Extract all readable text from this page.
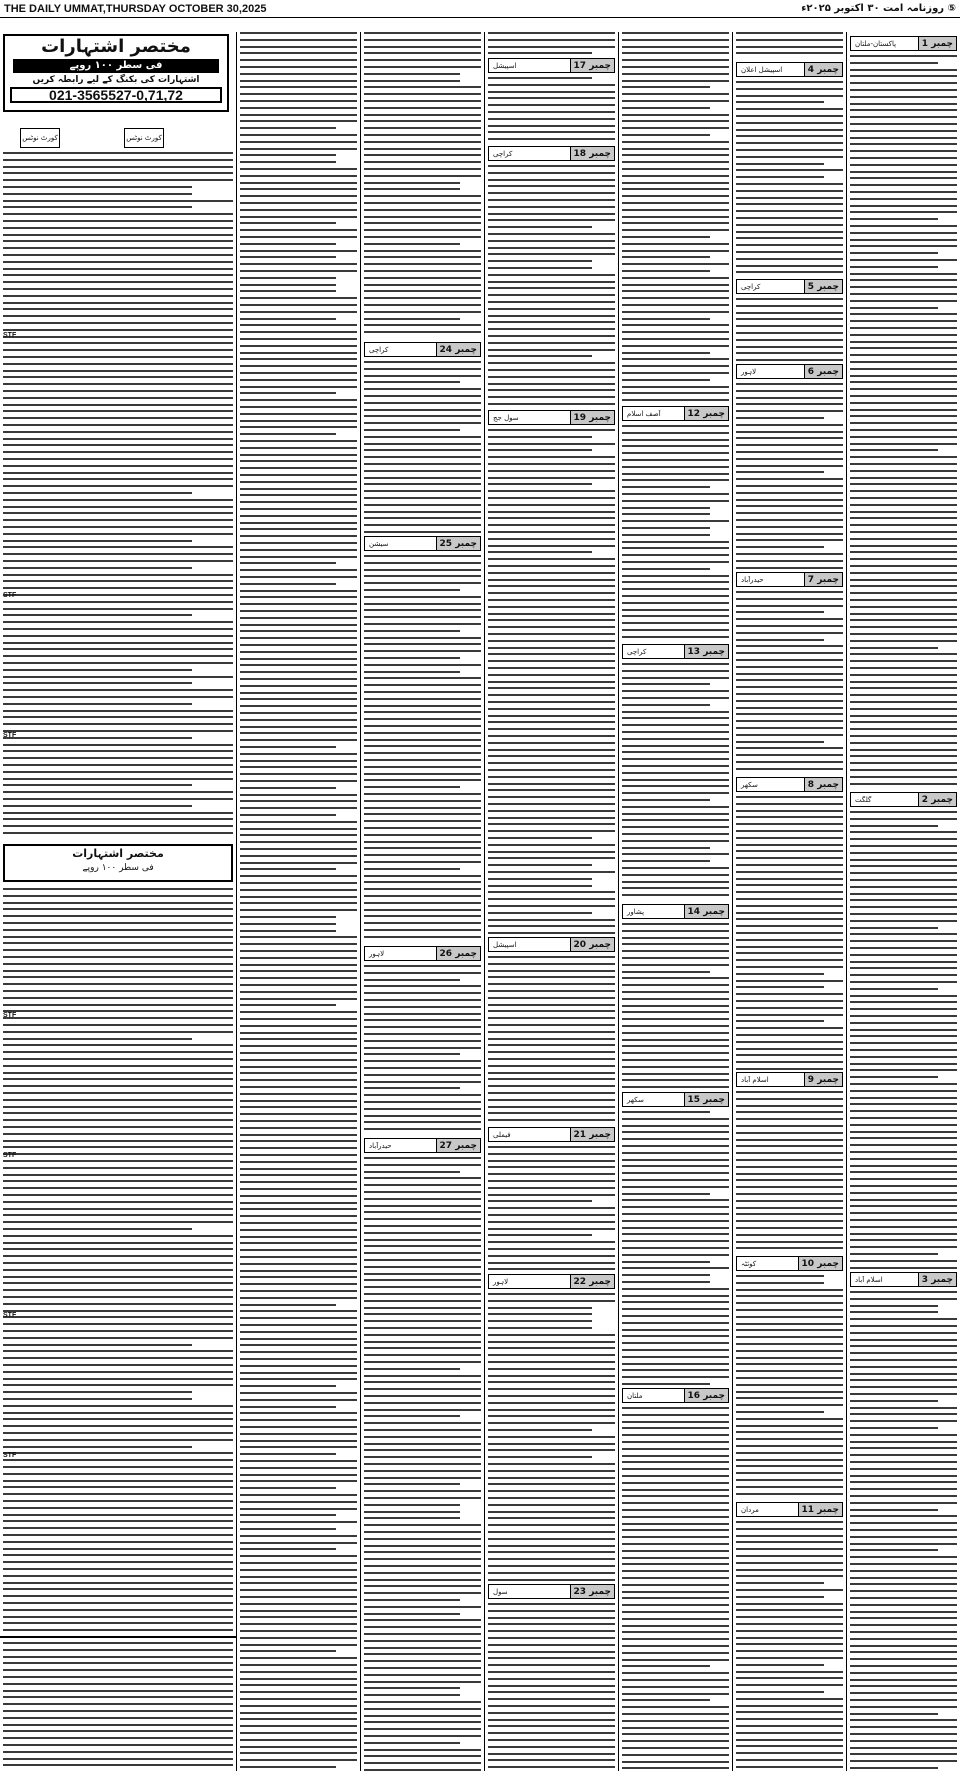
THE DAILY UMMAT,THURSDAY OCTOBER 30,2025	⑤ روزنامہ امت ۳۰ اکتوبر ۲۰۲۵ء
چمبر 1
پاکستان-ملتان
چمبر 2
گلگت
چمبر 3
اسلام آباد
چمبر 4
اسپیشل اعلان
چمبر 5
کراچی
چمبر 6
لاہور
چمبر 7
حیدرآباد
چمبر 8
سکھر
چمبر 9
اسلام آباد
چمبر 10
کوئٹہ
چمبر 11
مردان
چمبر 12
آصف اسلام
چمبر 13
کراچی
چمبر 14
پشاور
چمبر 15
سکھر
چمبر 16
ملتان
چمبر 17
اسپیشل
چمبر 18
کراچی
چمبر 19
سول جج
چمبر 20
اسپیشل
چمبر 21
فیملی
چمبر 22
لاہور
چمبر 23
سول
چمبر 24
کراچی
چمبر 25
سیشن
چمبر 26
لاہور
چمبر 27
حیدرآباد
مختصر اشتہارات
فی سطر ۱۰۰ روپے
اشتہارات کی بکنگ کے لیے رابطہ کریں
021-3565527-0,71,72
کورٹ نوٹس	کورٹ نوٹس
مختصر اشتہارات
فی سطر ۱۰۰ روپے
STF
STF
STF
STF
STF
STF
STF
